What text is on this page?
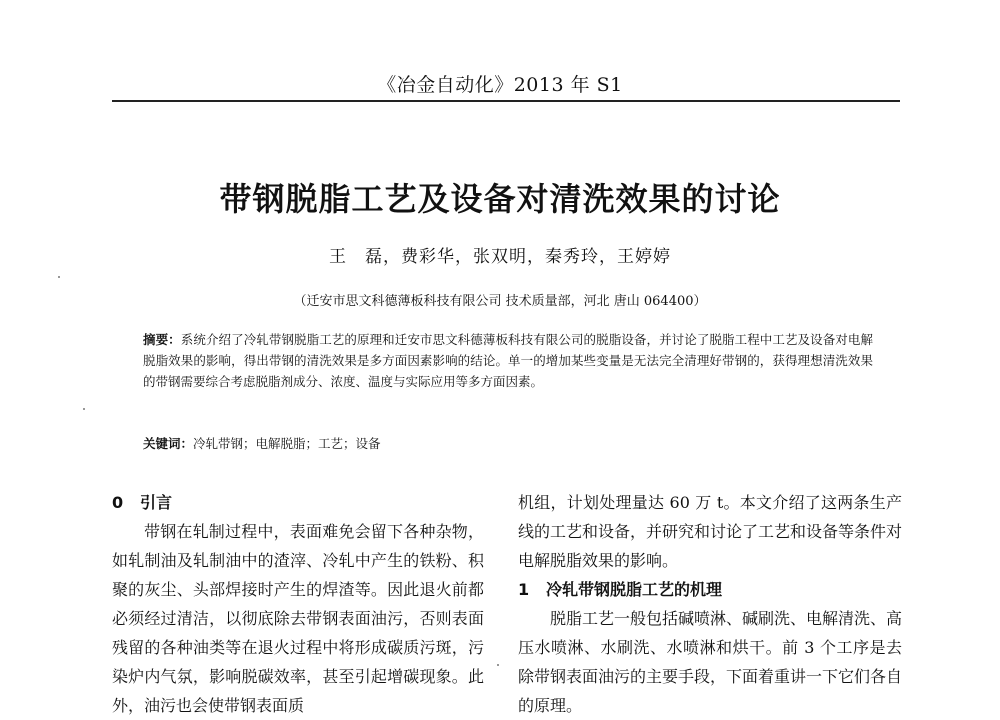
《冶金自动化》2013 年 S1
带钢脱脂工艺及设备对清洗效果的讨论
王　磊，费彩华，张双明，秦秀玲，王婷婷
（迁安市思文科德薄板科技有限公司 技术质量部，河北 唐山 064400）
摘要：系统介绍了冷轧带钢脱脂工艺的原理和迁安市思文科德薄板科技有限公司的脱脂设备，并讨论了脱脂工程中工艺及设备对电解脱脂效果的影响，得出带钢的清洗效果是多方面因素影响的结论。单一的增加某些变量是无法完全清理好带钢的，获得理想清洗效果的带钢需要综合考虑脱脂剂成分、浓度、温度与实际应用等多方面因素。
关键词：冷轧带钢；电解脱脂；工艺；设备
0 引言

带钢在轧制过程中，表面难免会留下各种杂物，如轧制油及轧制油中的渣滓、冷轧中产生的铁粉、积聚的灰尘、头部焊接时产生的焊渣等。因此退火前都必须经过清洁，以彻底除去带钢表面油污，否则表面残留的各种油类等在退火过程中将形成碳质污斑，污染炉内气氛，影响脱碳效率，甚至引起增碳现象。此外，油污也会使带钢表面质

机组，计划处理量达 60 万 t。本文介绍了这两条生产线的工艺和设备，并研究和讨论了工艺和设备等条件对电解脱脂效果的影响。

1 冷轧带钢脱脂工艺的机理

脱脂工艺一般包括碱喷淋、碱刷洗、电解清洗、高压水喷淋、水刷洗、水喷淋和烘干。前 3 个工序是去除带钢表面油污的主要手段，下面着重讲一下它们各自的原理。
